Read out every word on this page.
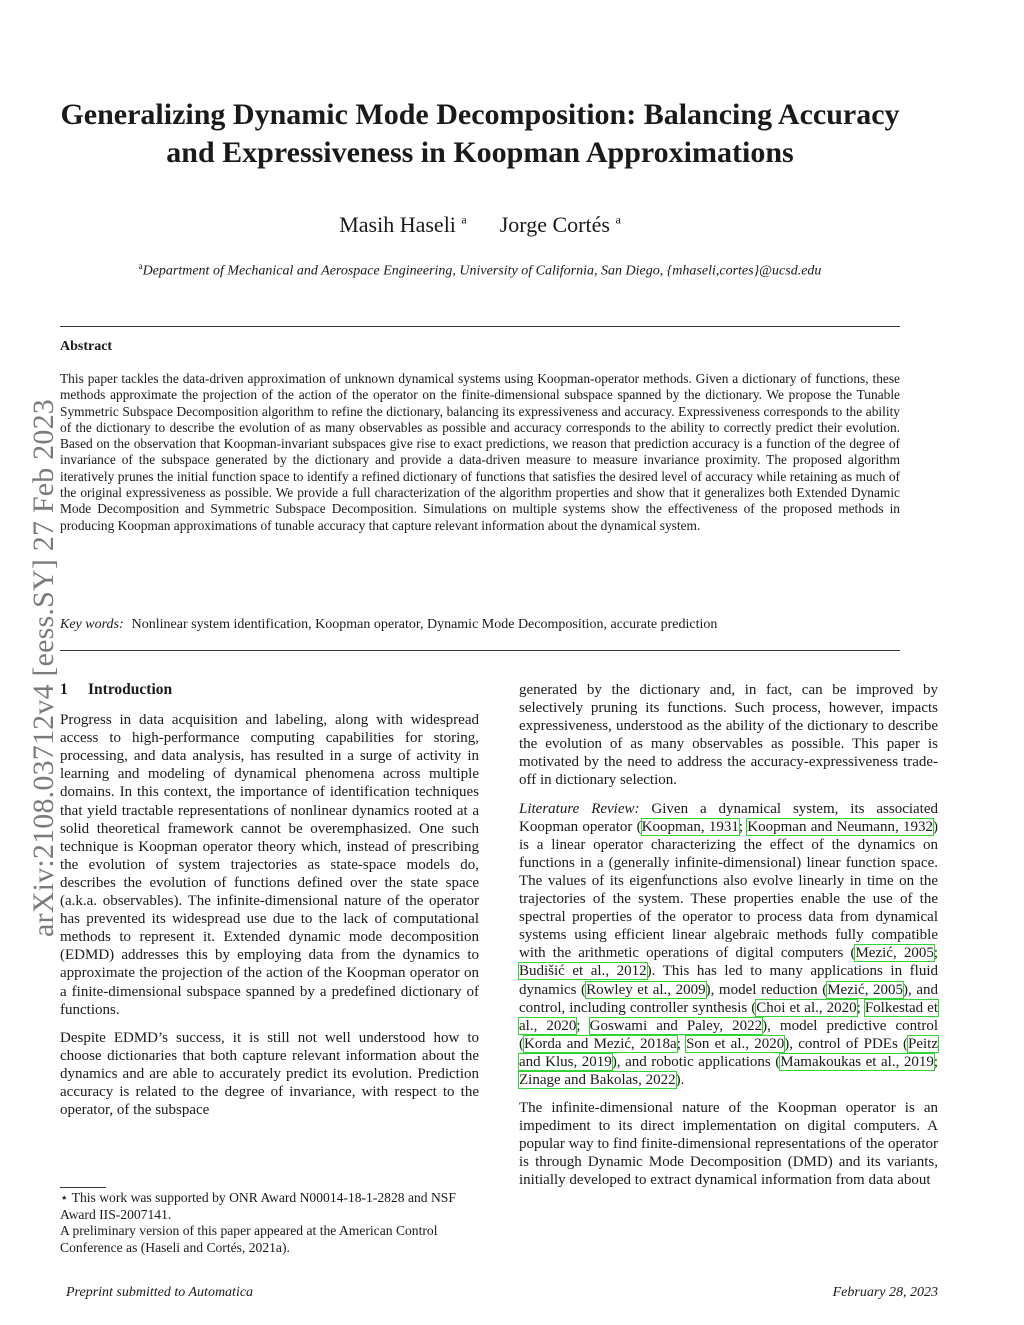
arXiv:2108.03712v4 [eess.SY] 27 Feb 2023
Generalizing Dynamic Mode Decomposition: Balancing Accuracy and Expressiveness in Koopman Approximations
Masih Haseli $^a$ Jorge Cortés $^a$
$^a$Department of Mechanical and Aerospace Engineering, University of California, San Diego, {mhaseli,cortes}@ucsd.edu
Abstract

This paper tackles the data-driven approximation of unknown dynamical systems using Koopman-operator methods. Given a dictionary of functions, these methods approximate the projection of the action of the operator on the finite-dimensional subspace spanned by the dictionary. We propose the Tunable Symmetric Subspace Decomposition algorithm to refine the dictionary, balancing its expressiveness and accuracy. Expressiveness corresponds to the ability of the dictionary to describe the evolution of as many observables as possible and accuracy corresponds to the ability to correctly predict their evolution. Based on the observation that Koopman-invariant subspaces give rise to exact predictions, we reason that prediction accuracy is a function of the degree of invariance of the subspace generated by the dictionary and provide a data-driven measure to measure invariance proximity. The proposed algorithm iteratively prunes the initial function space to identify a refined dictionary of functions that satisfies the desired level of accuracy while retaining as much of the original expressiveness as possible. We provide a full characterization of the algorithm properties and show that it generalizes both Extended Dynamic Mode Decomposition and Symmetric Subspace Decomposition. Simulations on multiple systems show the effectiveness of the proposed methods in producing Koopman approximations of tunable accuracy that capture relevant information about the dynamical system.

Key words: Nonlinear system identification, Koopman operator, Dynamic Mode Decomposition, accurate prediction
1 Introduction

Progress in data acquisition and labeling, along with widespread access to high-performance computing capabilities for storing, processing, and data analysis, has resulted in a surge of activity in learning and modeling of dynamical phenomena across multiple domains. In this context, the importance of identification techniques that yield tractable representations of nonlinear dynamics rooted at a solid theoretical framework cannot be overemphasized. One such technique is Koopman operator theory which, instead of prescribing the evolution of system trajectories as state-space models do, describes the evolution of functions defined over the state space (a.k.a. observables). The infinite-dimensional nature of the operator has prevented its widespread use due to the lack of computational methods to represent it. Extended dynamic mode decomposition (EDMD) addresses this by employing data from the dynamics to approximate the projection of the action of the Koopman operator on a finite-dimensional subspace spanned by a predefined dictionary of functions.

Despite EDMD’s success, it is still not well understood how to choose dictionaries that both capture relevant information about the dynamics and are able to accurately predict its evolution. Prediction accuracy is related to the degree of invariance, with respect to the operator, of the subspace

generated by the dictionary and, in fact, can be improved by selectively pruning its functions. Such process, however, impacts expressiveness, understood as the ability of the dictionary to describe the evolution of as many observables as possible. This paper is motivated by the need to address the accuracy-expressiveness trade-off in dictionary selection.

Literature Review: Given a dynamical system, its associated Koopman operator (Koopman, 1931; Koopman and Neumann, 1932) is a linear operator characterizing the effect of the dynamics on functions in a (generally infinite-dimensional) linear function space. The values of its eigenfunctions also evolve linearly in time on the trajectories of the system. These properties enable the use of the spectral properties of the operator to process data from dynamical systems using efficient linear algebraic methods fully compatible with the arithmetic operations of digital computers (Mezić, 2005; Budišić et al., 2012). This has led to many applications in fluid dynamics (Rowley et al., 2009), model reduction (Mezić, 2005), and control, including controller synthesis (Choi et al., 2020; Folkestad et al., 2020; Goswami and Paley, 2022), model predictive control (Korda and Mezić, 2018a; Son et al., 2020), control of PDEs (Peitz and Klus, 2019), and robotic applications (Mamakoukas et al., 2019; Zinage and Bakolas, 2022).

The infinite-dimensional nature of the Koopman operator is an impediment to its direct implementation on digital computers. A popular way to find finite-dimensional representations of the operator is through Dynamic Mode Decomposition (DMD) and its variants, initially developed to extract dynamical information from data about

⋆ This work was supported by ONR Award N00014-18-1-2828 and NSF Award IIS-2007141.

A preliminary version of this paper appeared at the American Control Conference as (Haseli and Cortés, 2021a).

Preprint submitted to Automatica	February 28, 2023
